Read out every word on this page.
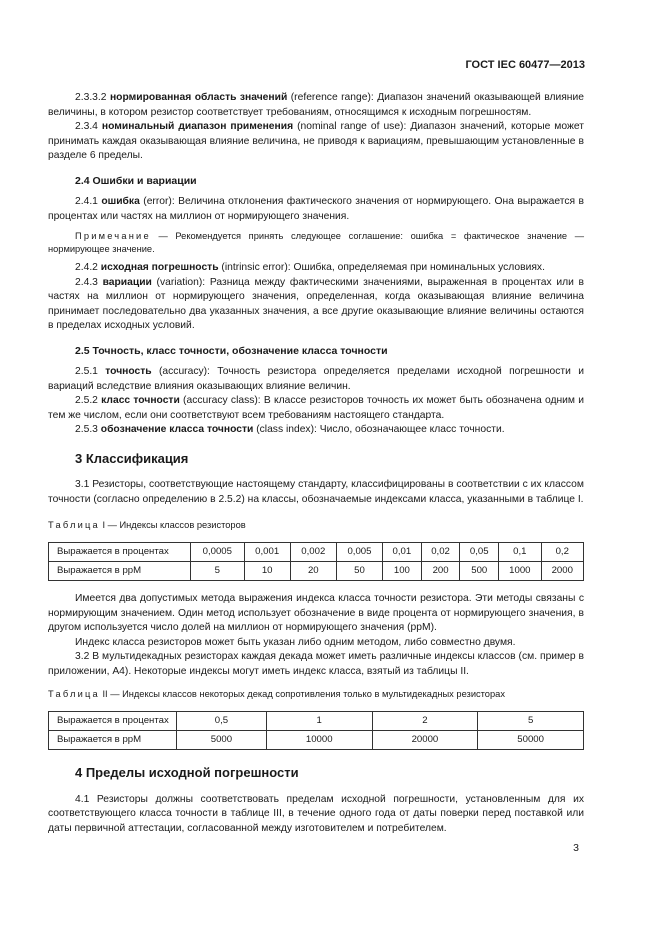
ГОСТ IEC 60477—2013

2.3.3.2 нормированная область значений (reference range): Диапазон значений оказывающей влияние величины, в котором резистор соответствует требованиям, относящимся к исходным погрешностям.

2.3.4 номинальный диапазон применения (nominal range of use): Диапазон значений, которые может принимать каждая оказывающая влияние величина, не приводя к вариациям, превышающим установленные в разделе 6 пределы.

2.4 Ошибки и вариации

2.4.1 ошибка (error): Величина отклонения фактического значения от нормирующего. Она выражается в процентах или частях на миллион от нормирующего значения.

Примечание — Рекомендуется принять следующее соглашение: ошибка = фактическое значение — нормирующее значение.

2.4.2 исходная погрешность (intrinsic error): Ошибка, определяемая при номинальных условиях.

2.4.3 вариации (variation): Разница между фактическими значениями, выраженная в процентах или в частях на миллион от нормирующего значения, определенная, когда оказывающая влияние величина принимает последовательно два указанных значения, а все другие оказывающие влияние величины остаются в пределах исходных условий.

2.5 Точность, класс точности, обозначение класса точности

2.5.1 точность (accuracy): Точность резистора определяется пределами исходной погрешности и вариаций вследствие влияния оказывающих влияние величин.

2.5.2 класс точности (accuracy class): В классе резисторов точность их может быть обозначена одним и тем же числом, если они соответствуют всем требованиям настоящего стандарта.

2.5.3 обозначение класса точности (class index): Число, обозначающее класс точности.

3 Классификация

3.1 Резисторы, соответствующие настоящему стандарту, классифицированы в соответствии с их классом точности (согласно определению в 2.5.2) на классы, обозначаемые индексами класса, указанными в таблице I.

Таблица I — Индексы классов резисторов

Выражается в процентах	0,0005	0,001	0,002	0,005	0,01	0,02	0,05	0,1	0,2
Выражается в ppM	5	10	20	50	100	200	500	1000	2000

Имеется два допустимых метода выражения индекса класса точности резистора. Эти методы связаны с нормирующим значением. Один метод использует обозначение в виде процента от нормирующего значения, в другом используется число долей на миллион от нормирующего значения (ppM).

Индекс класса резисторов может быть указан либо одним методом, либо совместно двумя.

3.2 В мультидекадных резисторах каждая декада может иметь различные индексы классов (см. пример в приложении, А4). Некоторые индексы могут иметь индекс класса, взятый из таблицы II.

Таблица II — Индексы классов некоторых декад сопротивления только в мультидекадных резисторах

Выражается в процентах	0,5	1	2	5
Выражается в ppM	5000	10000	20000	50000
4 Пределы исходной погрешности

4.1 Резисторы должны соответствовать пределам исходной погрешности, установленным для их соответствующего класса точности в таблице III, в течение одного года от даты поверки перед поставкой или даты первичной аттестации, согласованной между изготовителем и потребителем.

3
